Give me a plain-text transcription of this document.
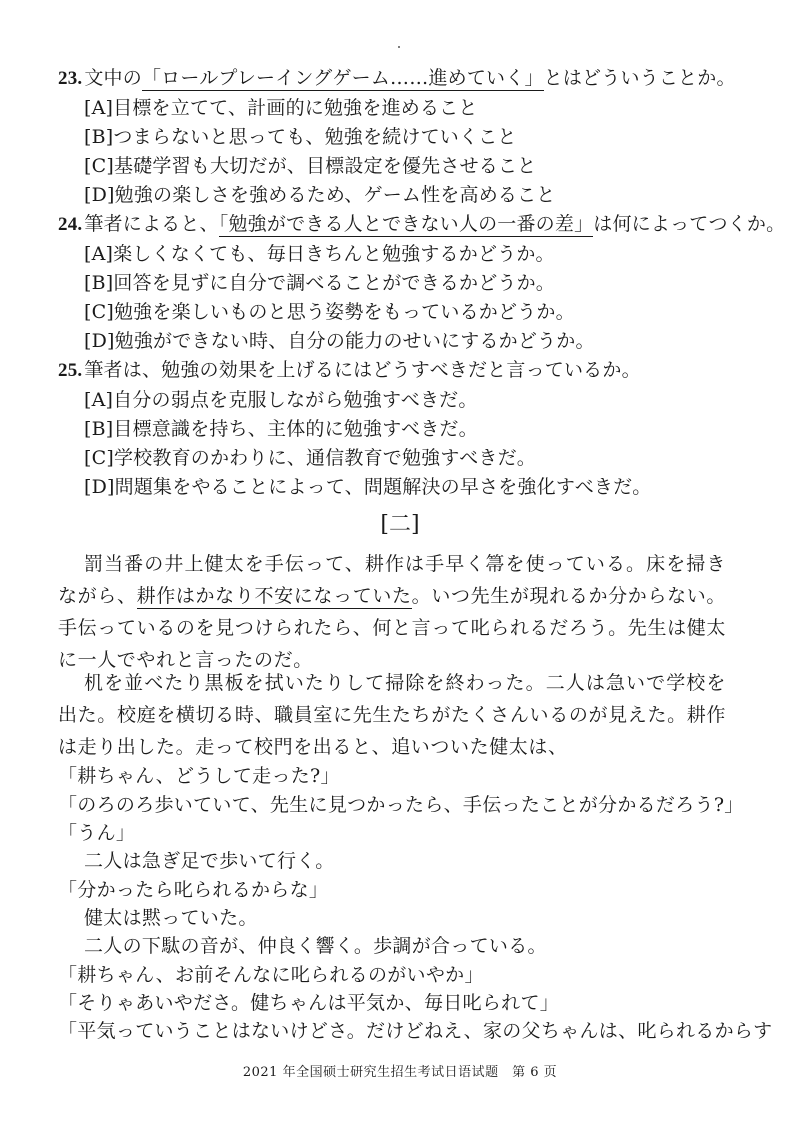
23. 文中の「ロールプレーイングゲーム……進めていく」とはどういうことか。
[A]目標を立てて、計画的に勉強を進めること
[B]つまらないと思っても、勉強を続けていくこと
[C]基礎学習も大切だが、目標設定を優先させること
[D]勉強の楽しさを強めるため、ゲーム性を高めること
24. 筆者によると、「勉強ができる人とできない人の一番の差」は何によってつくか。
[A]楽しくなくても、毎日きちんと勉強するかどうか。
[B]回答を見ずに自分で調べることができるかどうか。
[C]勉強を楽しいものと思う姿勢をもっているかどうか。
[D]勉強ができない時、自分の能力のせいにするかどうか。
25. 筆者は、勉強の効果を上げるにはどうすべきだと言っているか。
[A]自分の弱点を克服しながら勉強すべきだ。
[B]目標意識を持ち、主体的に勉強すべきだ。
[C]学校教育のかわりに、通信教育で勉強すべきだ。
[D]問題集をやることによって、問題解決の早さを強化すべきだ。
[二]
罰当番の井上健太を手伝って、耕作は手早く箒を使っている。床を掃きながら、耕作はかなり不安になっていた。いつ先生が現れるか分からない。手伝っているのを見つけられたら、何と言って叱られるだろう。先生は健太に一人でやれと言ったのだ。
机を並べたり黒板を拭いたりして掃除を終わった。二人は急いで学校を出た。校庭を横切る時、職員室に先生たちがたくさんいるのが見えた。耕作は走り出した。走って校門を出ると、追いついた健太は、
「耕ちゃん、どうして走った?」
「のろのろ歩いていて、先生に見つかったら、手伝ったことが分かるだろう?」
「うん」
二人は急ぎ足で歩いて行く。
「分かったら叱られるからな」
健太は黙っていた。
二人の下駄の音が、仲良く響く。歩調が合っている。
「耕ちゃん、お前そんなに叱られるのがいやか」
「そりゃあいやださ。健ちゃんは平気か、毎日叱られて」
「平気っていうことはないけどさ。だけどねえ、家の父ちゃんは、叱られるからす
2021 年全国硕士研究生招生考试日语试题　第 6 页
